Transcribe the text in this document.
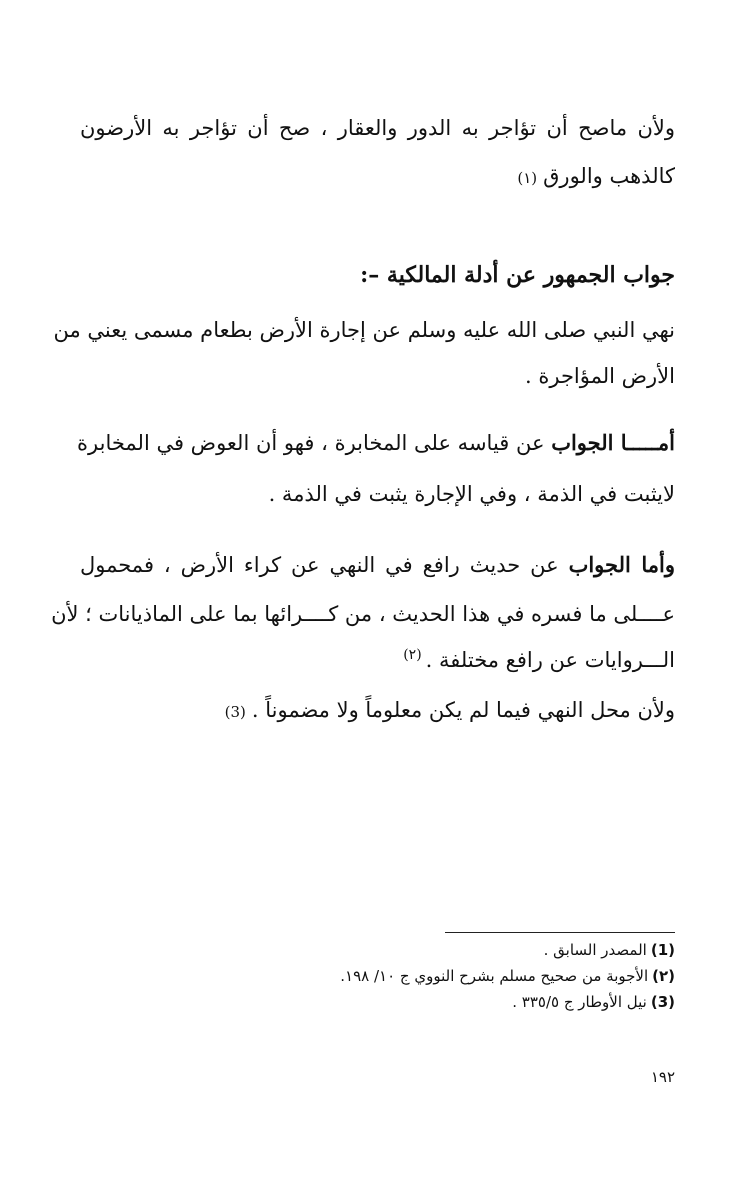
ولأن ماصح أن تؤاجر به الدور والعقار ، صح أن تؤاجر به الأرضون
كالذهب والورق(١)
جواب الجمهور عن أدلة المالكية –:
نهي النبي صلى الله عليه وسلم عن إجارة الأرض بطعام مسمى يعني من
الأرض المؤاجرة .
أمـــــا الجواب عن قياسه على المخابرة ، فهو أن العوض في المخابرة
لايثبت في الذمة ، وفي الإجارة يثبت في الذمة .
وأما الجواب عن حديث رافع في النهي عن كراء الأرض ، فمحمول
عــــلى ما فسره في هذا الحديث ، من كــــرائها بما على الماذيانات ؛ لأن
الـــروايات عن رافع مختلفة .$^{(٢)}$
ولأن محل النهي فيما لم يكن معلوماً ولا مضموناً .(3)
(1)المصدر السابق .
(٢)الأجوبة من صحيح مسلم بشرح النووي ج ١٠/ ١٩٨.
(3)نيل الأوطار ج ٣٣٥/٥ .
١٩٢
